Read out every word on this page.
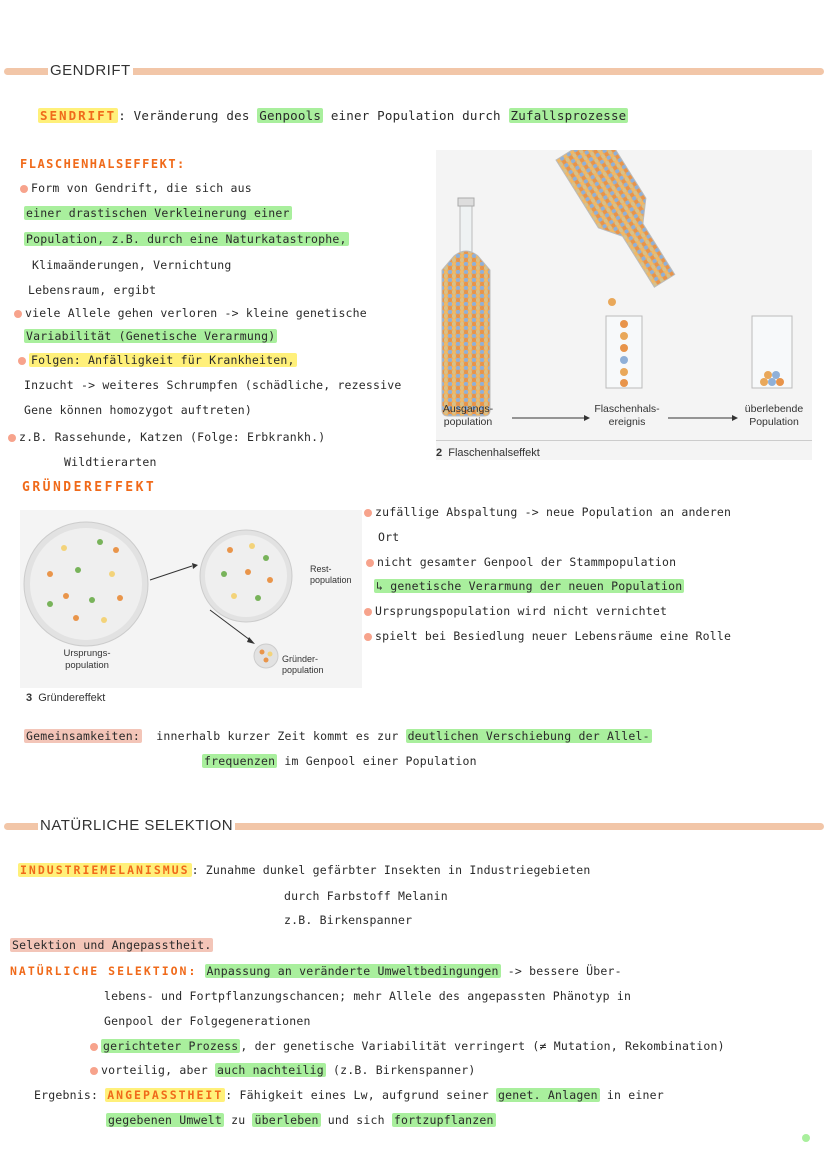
GENDRIFT
SENDRIFT : Veränderung des Genpools einer Population durch Zufallsprozesse
FLASCHENHALSEFFEKT:
Form von Gendrift, die sich aus
einer drastischen Verkleinerung einer
Population, z.B. durch eine Naturkatastrophe,
Klimaänderungen, Vernichtung
Lebensraum, ergibt
viele Allele gehen verloren -> kleine genetische
Variabilität (Genetische Verarmung)
Folgen: Anfälligkeit für Krankheiten,
Inzucht -> weiteres Schrumpfen (schädliche, rezessive
Gene können homozygot auftreten)
z.B. Rassehunde, Katzen (Folge: Erbkrankh.)
Wildtierarten
Ausgangs-
population
Flaschenhals-
ereignis
überlebende
Population
2 Flaschenhalseffekt
GRÜNDEREFFEKT
zufällige Abspaltung -> neue Population an anderen
Ort
nicht gesamter Genpool der Stammpopulation
↳ genetische Verarmung der neuen Population
Ursprungspopulation wird nicht vernichtet
spielt bei Besiedlung neuer Lebensräume eine Rolle
Ursprungs-
population
Rest-
population
Gründer-
population
3 Gründereffekt
Gemeinsamkeiten: innerhalb kurzer Zeit kommt es zur deutlichen Verschiebung der Allel-
frequenzen im Genpool einer Population
NATÜRLICHE SELEKTION
INDUSTRIEMELANISMUS : Zunahme dunkel gefärbter Insekten in Industriegebieten
durch Farbstoff Melanin
z.B. Birkenspanner
Selektion und Angepasstheit.
NATÜRLICHE SELEKTION: Anpassung an veränderte Umweltbedingungen -> bessere Über-
lebens- und Fortpflanzungschancen; mehr Allele des angepassten Phänotyp in
Genpool der Folgegenerationen
gerichteter Prozess , der genetische Variabilität verringert (≠ Mutation, Rekombination)
vorteilig, aber auch nachteilig (z.B. Birkenspanner)
Ergebnis: ANGEPASSTHEIT : Fähigkeit eines Lw, aufgrund seiner genet. Anlagen in einer
gegebenen Umwelt zu überleben und sich fortzupflanzen
